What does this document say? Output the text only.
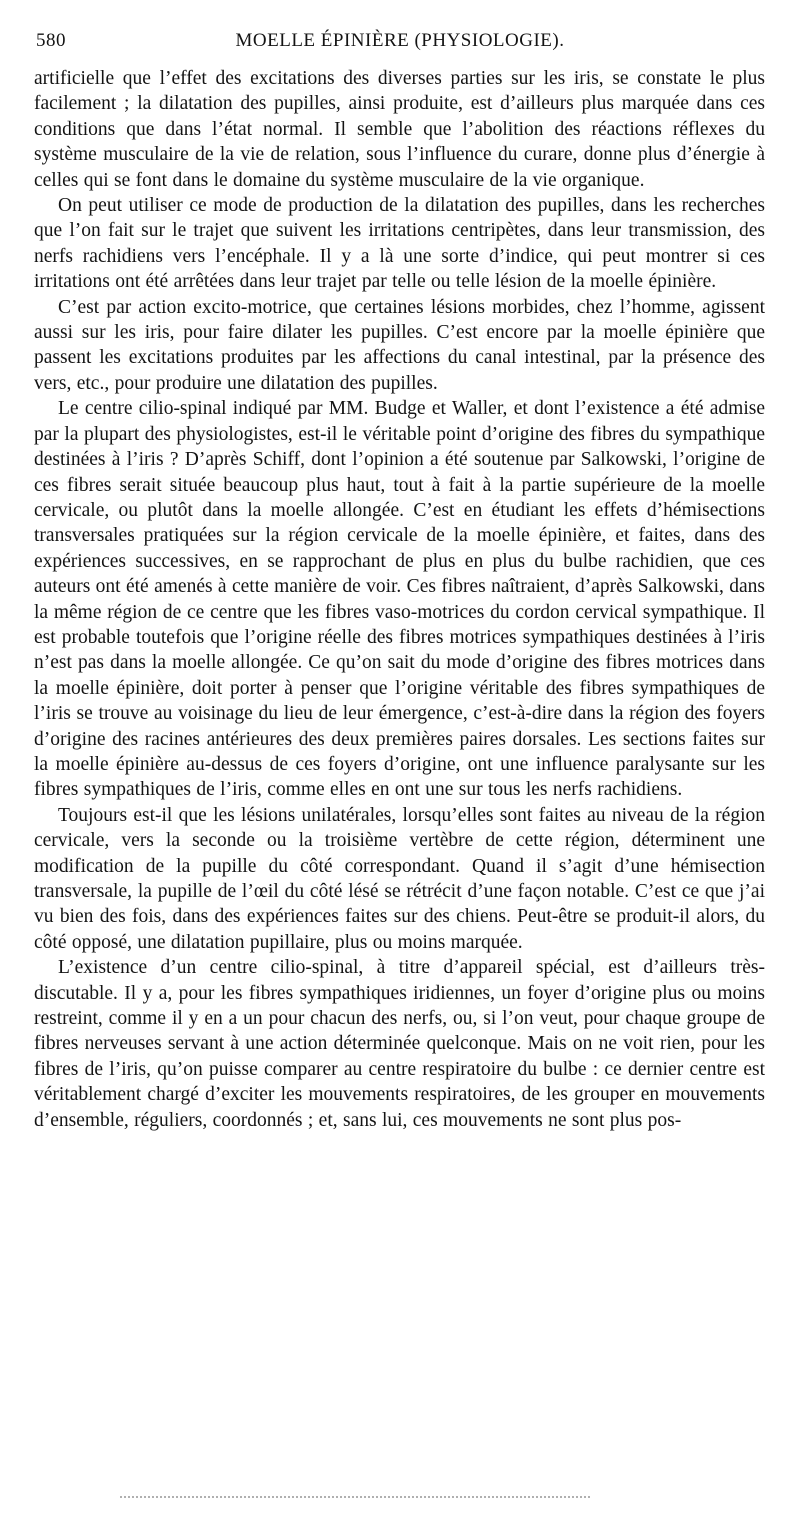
580	MOELLE ÉPINIÈRE (PHYSIOLOGIE).

artificielle que l’effet des excitations des diverses parties sur les iris, se constate le plus facilement ; la dilatation des pupilles, ainsi produite, est d’ailleurs plus marquée dans ces conditions que dans l’état normal. Il semble que l’abolition des réactions réflexes du système musculaire de la vie de relation, sous l’influence du curare, donne plus d’énergie à celles qui se font dans le domaine du système musculaire de la vie organique.

On peut utiliser ce mode de production de la dilatation des pupilles, dans les recherches que l’on fait sur le trajet que suivent les irritations centripètes, dans leur transmission, des nerfs rachidiens vers l’encéphale. Il y a là une sorte d’indice, qui peut montrer si ces irritations ont été arrêtées dans leur trajet par telle ou telle lésion de la moelle épinière.

C’est par action excito-motrice, que certaines lésions morbides, chez l’homme, agissent aussi sur les iris, pour faire dilater les pupilles. C’est encore par la moelle épinière que passent les excitations produites par les affections du canal intestinal, par la présence des vers, etc., pour produire une dilatation des pupilles.

Le centre cilio-spinal indiqué par MM. Budge et Waller, et dont l’existence a été admise par la plupart des physiologistes, est-il le véritable point d’origine des fibres du sympathique destinées à l’iris ? D’après Schiff, dont l’opinion a été soutenue par Salkowski, l’origine de ces fibres serait située beaucoup plus haut, tout à fait à la partie supérieure de la moelle cervicale, ou plutôt dans la moelle allongée. C’est en étudiant les effets d’hémisections transversales pratiquées sur la région cervicale de la moelle épinière, et faites, dans des expériences successives, en se rapprochant de plus en plus du bulbe rachidien, que ces auteurs ont été amenés à cette manière de voir. Ces fibres naîtraient, d’après Salkowski, dans la même région de ce centre que les fibres vaso-motrices du cordon cervical sympathique. Il est probable toutefois que l’origine réelle des fibres motrices sympathiques destinées à l’iris n’est pas dans la moelle allongée. Ce qu’on sait du mode d’origine des fibres motrices dans la moelle épinière, doit porter à penser que l’origine véritable des fibres sympathiques de l’iris se trouve au voisinage du lieu de leur émergence, c’est-à-dire dans la région des foyers d’origine des racines antérieures des deux premières paires dorsales. Les sections faites sur la moelle épinière au-dessus de ces foyers d’origine, ont une influence paralysante sur les fibres sympathiques de l’iris, comme elles en ont une sur tous les nerfs rachidiens.

Toujours est-il que les lésions unilatérales, lorsqu’elles sont faites au niveau de la région cervicale, vers la seconde ou la troisième vertèbre de cette région, déterminent une modification de la pupille du côté correspondant. Quand il s’agit d’une hémisection transversale, la pupille de l’œil du côté lésé se rétrécit d’une façon notable. C’est ce que j’ai vu bien des fois, dans des expériences faites sur des chiens. Peut-être se produit-il alors, du côté opposé, une dilatation pupillaire, plus ou moins marquée.

L’existence d’un centre cilio-spinal, à titre d’appareil spécial, est d’ailleurs très-discutable. Il y a, pour les fibres sympathiques iridiennes, un foyer d’origine plus ou moins restreint, comme il y en a un pour chacun des nerfs, ou, si l’on veut, pour chaque groupe de fibres nerveuses servant à une action déterminée quelconque. Mais on ne voit rien, pour les fibres de l’iris, qu’on puisse comparer au centre respiratoire du bulbe : ce dernier centre est véritablement chargé d’exciter les mouvements respiratoires, de les grouper en mouvements d’ensemble, réguliers, coordonnés ; et, sans lui, ces mouvements ne sont plus pos-
